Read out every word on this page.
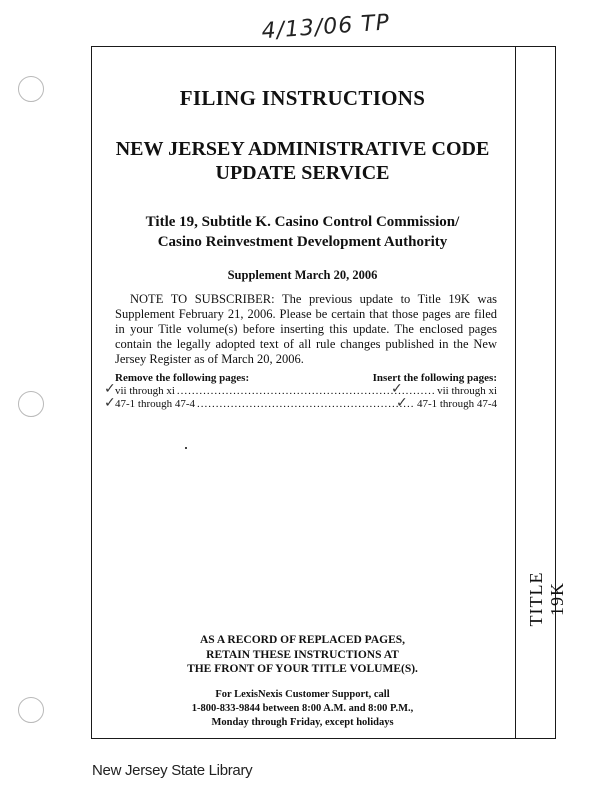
4/13/06 TP
TITLE 19K
FILING INSTRUCTIONS
NEW JERSEY ADMINISTRATIVE CODE
UPDATE SERVICE
Title 19, Subtitle K. Casino Control Commission/
Casino Reinvestment Development Authority
Supplement March 20, 2006

NOTE TO SUBSCRIBER: The previous update to Title 19K was Supplement February 21, 2006. Please be certain that those pages are filed in your Title volume(s) before inserting this update. The enclosed pages contain the legally adopted text of all rule changes published in the New Jersey Register as of March 20, 2006.

Remove the following pages:	Insert the following pages:
vii through xi .....	vii through xi
47-1 through 47-4 .....	47-1 through 47-4
✓
✓
✓
✓
AS A RECORD OF REPLACED PAGES,
RETAIN THESE INSTRUCTIONS AT
THE FRONT OF YOUR TITLE VOLUME(S).
For LexisNexis Customer Support, call
1-800-833-9844 between 8:00 A.M. and 8:00 P.M.,
Monday through Friday, except holidays
New Jersey State Library
